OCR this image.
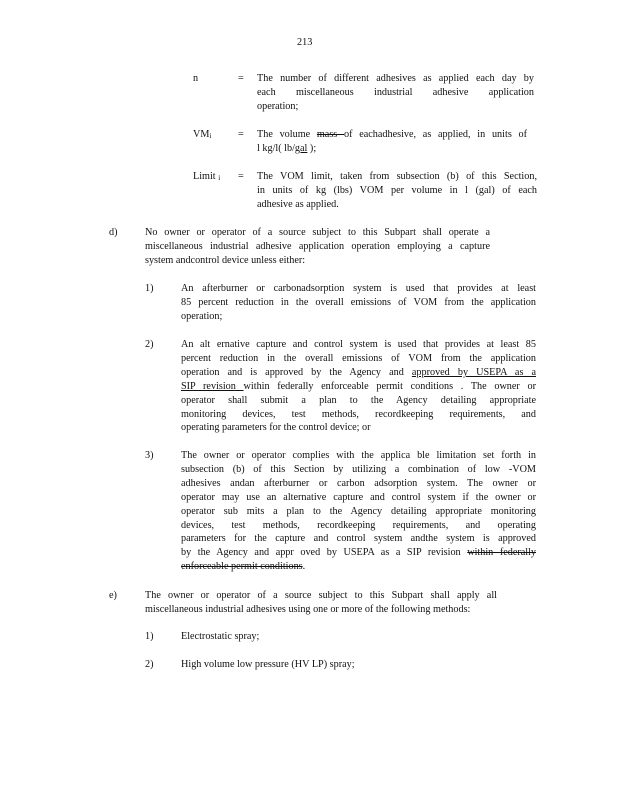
213
n	= The number of different adhesives as applied each day by
each miscellaneous industrial adhesive application
operation;
VMi	= The volume mass of eachadhesive, as applied, in units of
l kg/l( lb/gal );
Limit i = The VOM limit, taken from subsection (b) of this Section,
in units of kg (lbs) VOM per volume in l (gal) of each
adhesive as applied.
d)	No owner or operator of a source subject to this Subpart shall operate a
miscellaneous industrial adhesive application operation employing a capture
system andcontrol device unless either:
1)	An afterburner or carbonadsorption system is used that provides at least
85 percent reduction in the overall emissions of VOM from the application
operation;
2)	An alt ernative capture and control system is used that provides at least 85
percent reduction in the overall emissions of VOM from the application
operation and is approved by the Agency and approved by USEPA as a
SIP revision within federally enforceable permit conditions . The owner or
operator shall submit a plan to the Agency detailing appropriate
monitoring devices, test methods, recordkeeping requirements, and
operating parameters for the control device; or
3)	The owner or operator complies with the applica ble limitation set forth in
subsection (b) of this Section by utilizing a combination of low -VOM
adhesives andan afterburner or carbon adsorption system. The owner or
operator may use an alternative capture and control system if the owner or
operator sub mits a plan to the Agency detailing appropriate monitoring
devices, test methods, recordkeeping requirements, and operating
parameters for the capture and control system andthe system is approved
by the Agency and appr oved by USEPA as a SIP revision within federally
enforceable permit conditions.
e)	The owner or operator of a source subject to this Subpart shall apply all
miscellaneous industrial adhesives using one or more of the following methods:
1)	Electrostatic spray;
2)	High volume low pressure (HV LP) spray;
